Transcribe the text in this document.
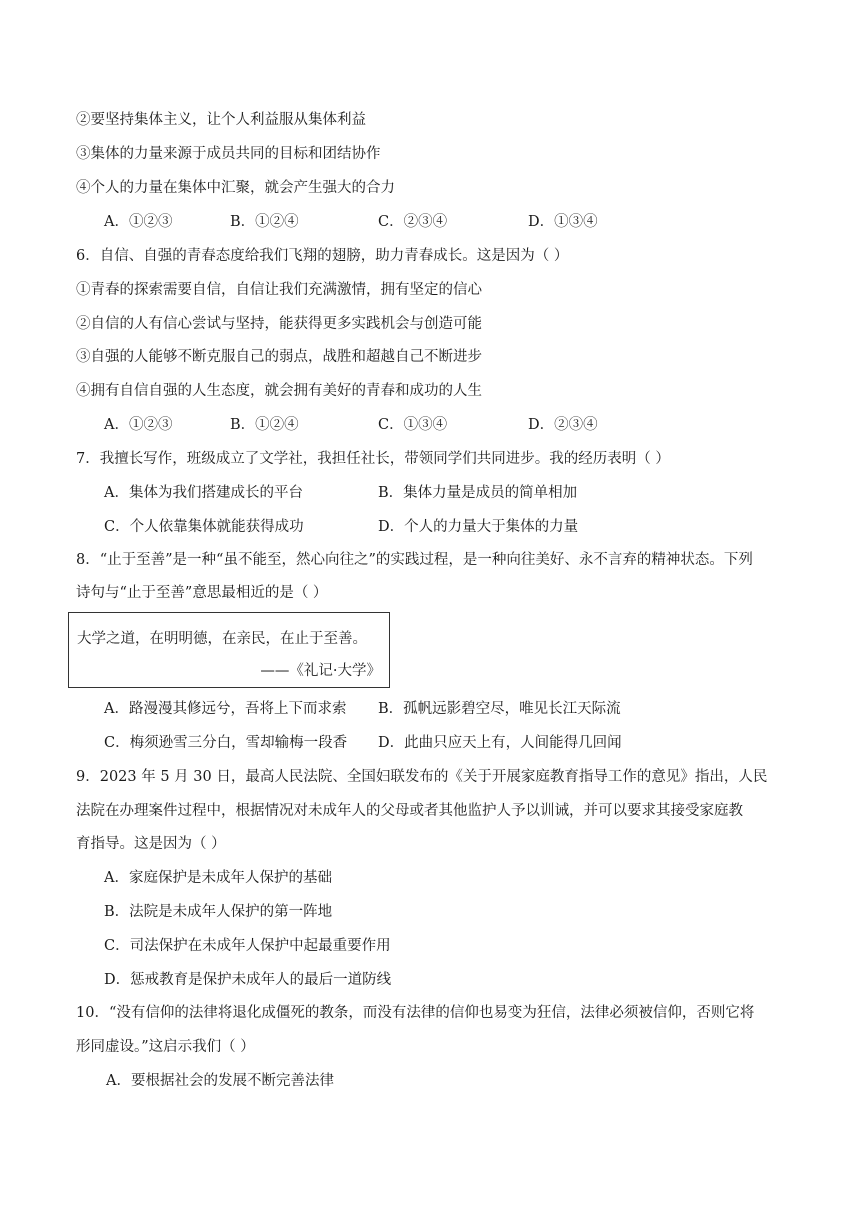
②要坚持集体主义，让个人利益服从集体利益
③集体的力量来源于成员共同的目标和团结协作
④个人的力量在集体中汇聚，就会产生强大的合力
A．①②③	B．①②④	C．②③④	D．①③④
6．自信、自强的青春态度给我们飞翔的翅膀，助力青春成长。这是因为（ ）
①青春的探索需要自信，自信让我们充满激情，拥有坚定的信心
②自信的人有信心尝试与坚持，能获得更多实践机会与创造可能
③自强的人能够不断克服自己的弱点，战胜和超越自己不断进步
④拥有自信自强的人生态度，就会拥有美好的青春和成功的人生
A．①②③	B．①②④	C．①③④	D．②③④
7．我擅长写作，班级成立了文学社，我担任社长，带领同学们共同进步。我的经历表明（ ）
A．集体为我们搭建成长的平台	B．集体力量是成员的简单相加
C．个人依靠集体就能获得成功	D．个人的力量大于集体的力量
8．“止于至善”是一种“虽不能至，然心向往之”的实践过程，是一种向往美好、永不言弃的精神状态。下列
诗句与“止于至善”意思最相近的是（ ）
大学之道，在明明德，在亲民，在止于至善。
——《礼记·大学》
A．路漫漫其修远兮，吾将上下而求索 B．孤帆远影碧空尽，唯见长江天际流
C．梅须逊雪三分白，雪却输梅一段香 D．此曲只应天上有，人间能得几回闻
9．2023 年 5 月 30 日，最高人民法院、全国妇联发布的《关于开展家庭教育指导工作的意见》指出，人民
法院在办理案件过程中，根据情况对未成年人的父母或者其他监护人予以训诫，并可以要求其接受家庭教
育指导。这是因为（ ）
A．家庭保护是未成年人保护的基础
B．法院是未成年人保护的第一阵地
C．司法保护在未成年人保护中起最重要作用
D．惩戒教育是保护未成年人的最后一道防线
10．“没有信仰的法律将退化成僵死的教条，而没有法律的信仰也易变为狂信，法律必须被信仰，否则它将
形同虚设。”这启示我们（ ）
A．要根据社会的发展不断完善法律
